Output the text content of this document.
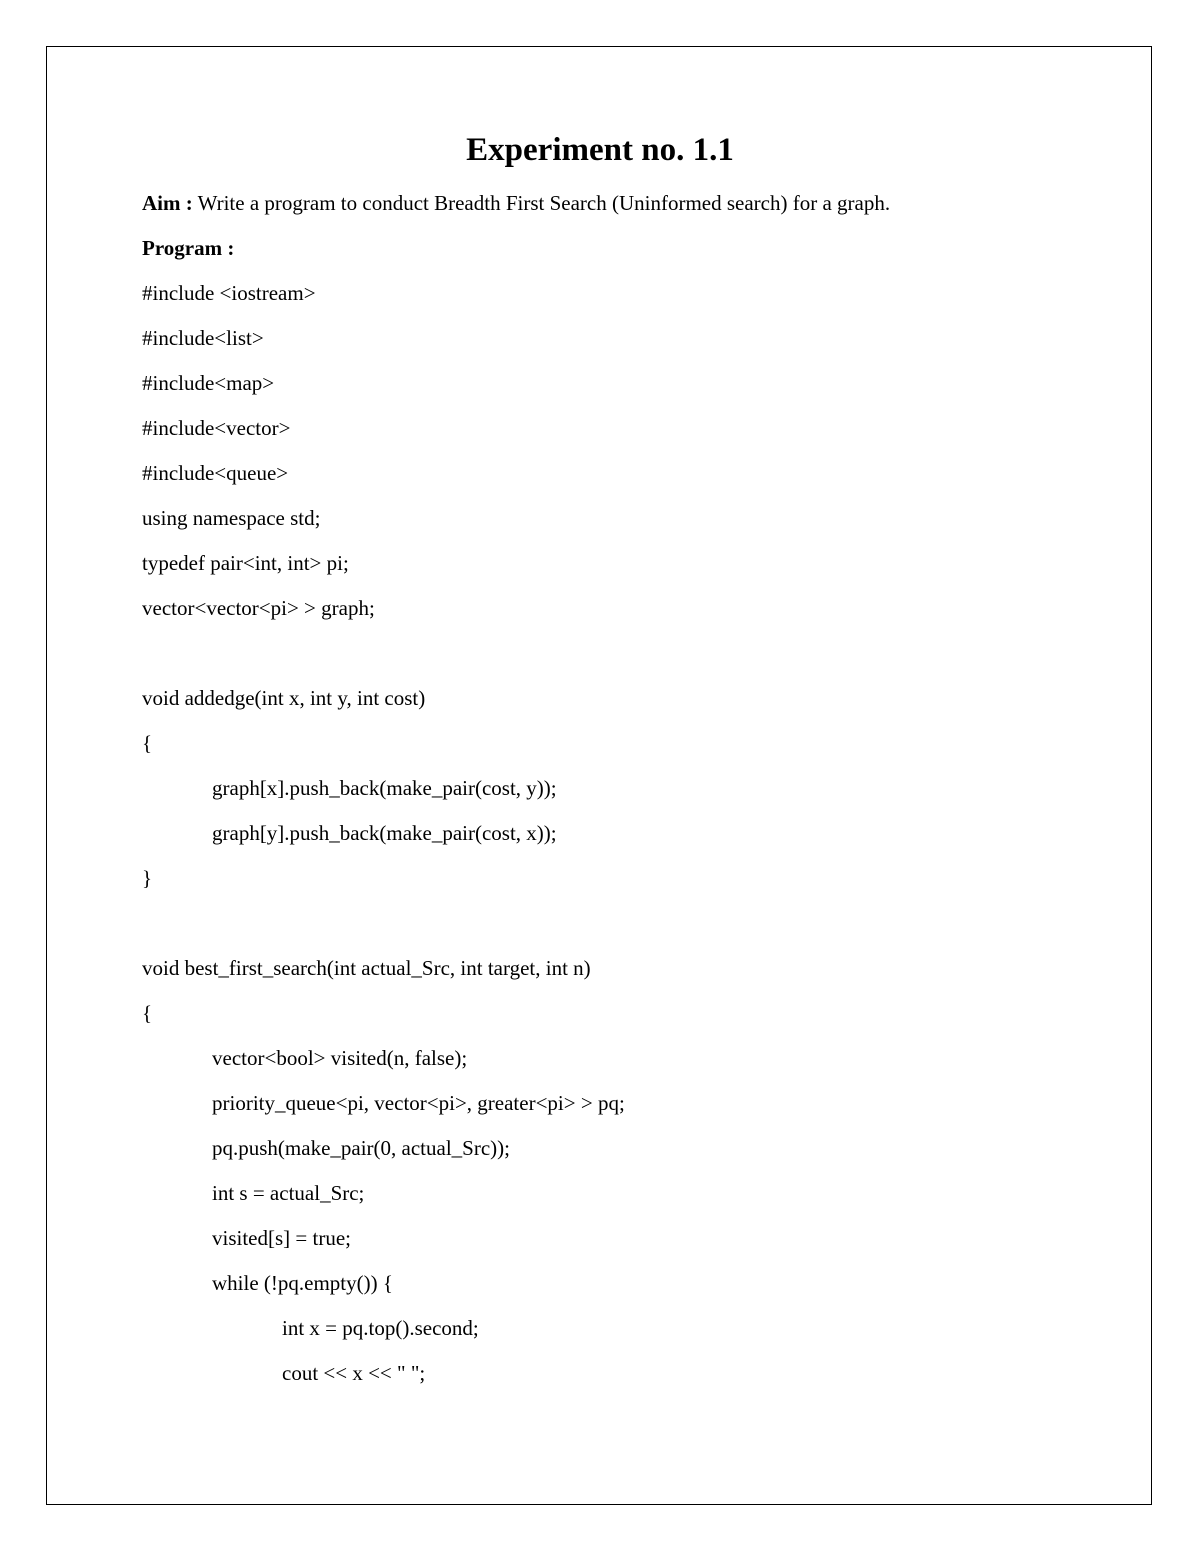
Experiment no. 1.1
Aim : Write a program to conduct Breadth First Search (Uninformed search) for a graph.
Program :
#include <iostream>
#include<list>
#include<map>
#include<vector>
#include<queue>
using namespace std;
typedef pair<int, int> pi;
vector<vector<pi> > graph;
void addedge(int x, int y, int cost)
{
graph[x].push_back(make_pair(cost, y));
graph[y].push_back(make_pair(cost, x));
}
void best_first_search(int actual_Src, int target, int n)
{
vector<bool> visited(n, false);
priority_queue<pi, vector<pi>, greater<pi> > pq;
pq.push(make_pair(0, actual_Src));
int s = actual_Src;
visited[s] = true;
while (!pq.empty()) {
int x = pq.top().second;
cout << x << " ";
